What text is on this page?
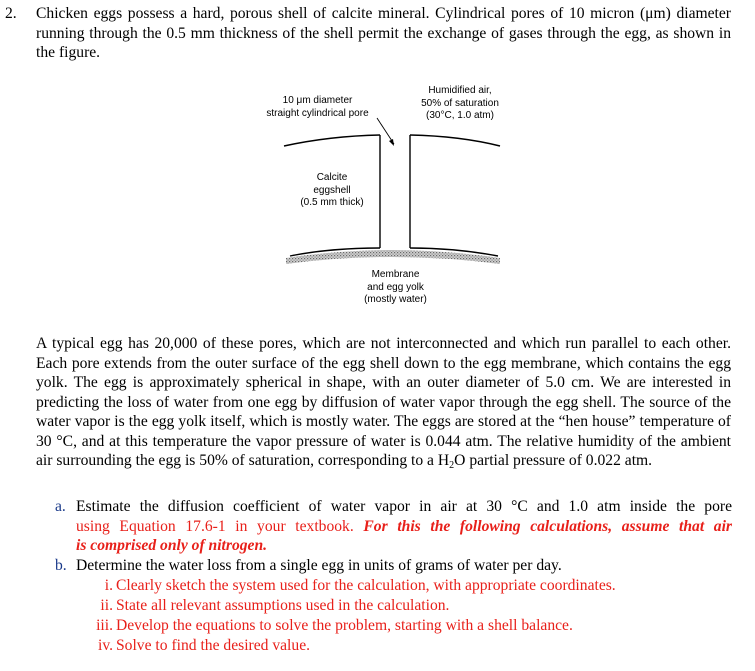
2. Chicken eggs possess a hard, porous shell of calcite mineral. Cylindrical pores of 10 micron (μm) diameter running through the 0.5 mm thickness of the shell permit the exchange of gases through the egg, as shown in the figure.

10 μm diameter
straight cylindrical pore
Humidified air,
50% of saturation
(30°C, 1.0 atm)
Calcite
eggshell
(0.5 mm thick)
Membrane
and egg yolk
(mostly water)

A typical egg has 20,000 of these pores, which are not interconnected and which run parallel to each other. Each pore extends from the outer surface of the egg shell down to the egg membrane, which contains the egg yolk. The egg is approximately spherical in shape, with an outer diameter of 5.0 cm. We are interested in predicting the loss of water from one egg by diffusion of water vapor through the egg shell. The source of the water vapor is the egg yolk itself, which is mostly water. The eggs are stored at the “hen house” temperature of 30 °C, and at this temperature the vapor pressure of water is 0.044 atm. The relative humidity of the ambient air surrounding the egg is 50% of saturation, corresponding to a $H_2O$ partial pressure of 0.022 atm.

a. Estimate the diffusion coefficient of water vapor in air at 30 °C and 1.0 atm inside the pore
using Equation 17.6-1 in your textbook. For this the following calculations, assume that air
is comprised only of nitrogen.
b. Determine the water loss from a single egg in units of grams of water per day.
i. Clearly sketch the system used for the calculation, with appropriate coordinates.
ii. State all relevant assumptions used in the calculation.
iii. Develop the equations to solve the problem, starting with a shell balance.
iv. Solve to find the desired value.
